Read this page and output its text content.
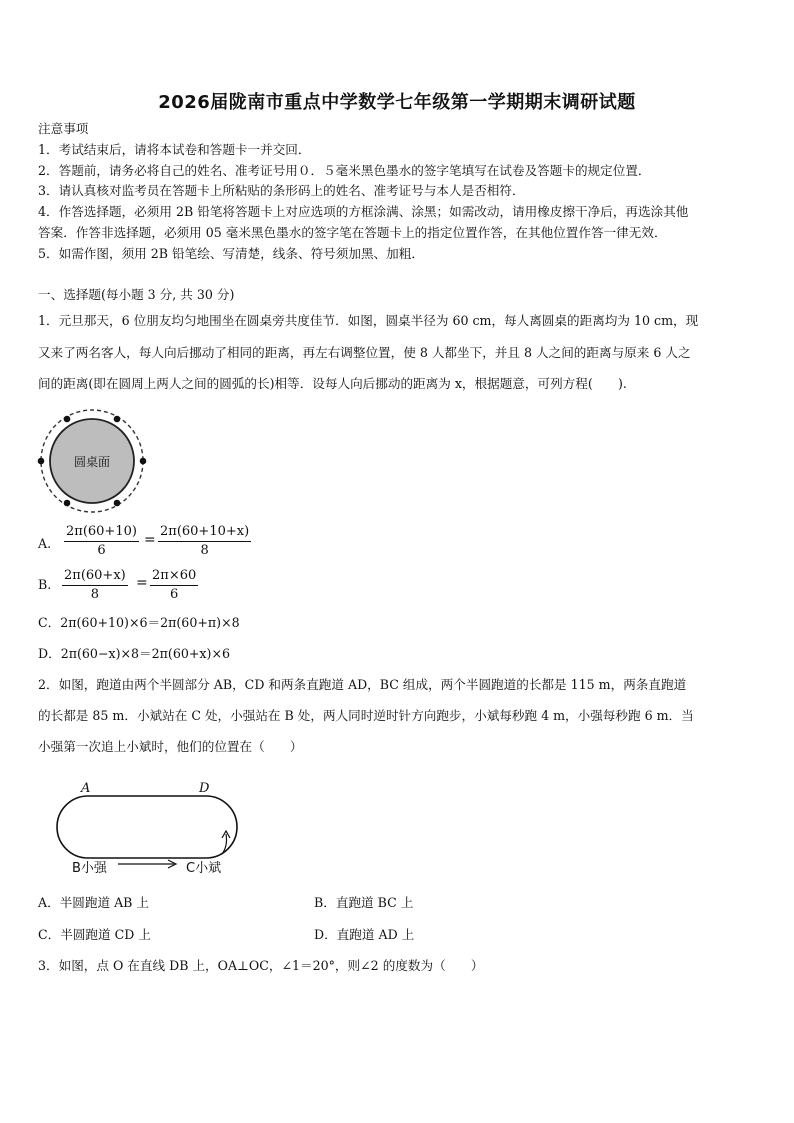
2026届陇南市重点中学数学七年级第一学期期末调研试题
注意事项
1．考试结束后，请将本试卷和答题卡一并交回．
2．答题前，请务必将自己的姓名、准考证号用０．５毫米黑色墨水的签字笔填写在试卷及答题卡的规定位置．
3．请认真核对监考员在答题卡上所粘贴的条形码上的姓名、准考证号与本人是否相符．
4．作答选择题，必须用 2B 铅笔将答题卡上对应选项的方框涂满、涂黑；如需改动，请用橡皮擦干净后，再选涂其他
答案．作答非选择题，必须用 05 毫米黑色墨水的签字笔在答题卡上的指定位置作答，在其他位置作答一律无效．
5．如需作图，须用 2B 铅笔绘、写清楚，线条、符号须加黑、加粗．
一、选择题(每小题 3 分, 共 30 分)
1．元旦那天，6 位朋友均匀地围坐在圆桌旁共度佳节．如图，圆桌半径为 60 cm，每人离圆桌的距离均为 10 cm，现
又来了两名客人，每人向后挪动了相同的距离，再左右调整位置，使 8 人都坐下，并且 8 人之间的距离与原来 6 人之
间的距离(即在圆周上两人之间的圆弧的长)相等．设每人向后挪动的距离为 x，根据题意，可列方程(　　).
圆桌面
A. $\frac{2\pi(60+10)}{6} = \frac{2\pi(60+10+x)}{8}$
B. $\frac{2\pi(60+x)}{8} = \frac{2\pi\times 60}{6}$
C．2π(60+10)×6＝2π(60+π)×8
D．2π(60−x)×8＝2π(60+x)×6
2．如图，跑道由两个半圆部分 AB，CD 和两条直跑道 AD，BC 组成，两个半圆跑道的长都是 115 m，两条直跑道
的长都是 85 m．小斌站在 C 处，小强站在 B 处，两人同时逆时针方向跑步，小斌每秒跑 4 m，小强每秒跑 6 m．当
小强第一次追上小斌时，他们的位置在（　　）
A	D
B小强	C小斌
A．半圆跑道 AB 上	B．直跑道 BC 上
C．半圆跑道 CD 上	D．直跑道 AD 上
3．如图，点 O 在直线 DB 上，OA⊥OC，∠1＝20°，则∠2 的度数为（　　）
